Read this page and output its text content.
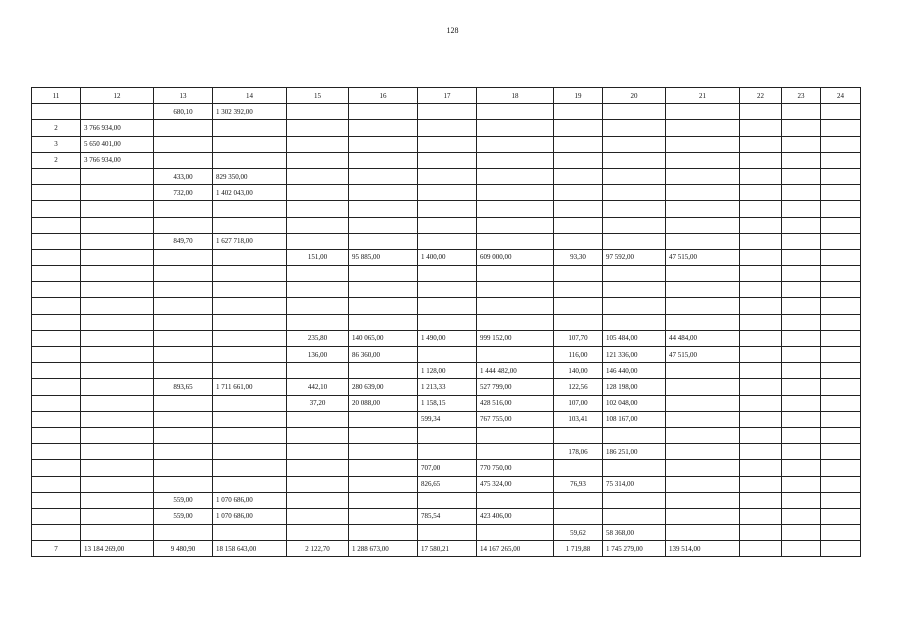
128
11	12	13	14	15	16	17	18	19	20	21	22	23	24
		680,10	1 302 392,00										
2	3 766 934,00												
3	5 650 401,00												
2	3 766 934,00												
		433,00	829 350,00										
		732,00	1 402 043,00										

		849,70	1 627 718,00										
				151,00	95 885,00	1 400,00	609 000,00	93,30	97 592,00	47 515,00			

				235,80	140 065,00	1 490,00	999 152,00	107,70	105 484,00	44 484,00			
				136,00	86 360,00			116,00	121 336,00	47 515,00			
						1 128,00	1 444 482,00	140,00	146 440,00				
		893,65	1 711 661,00	442,10	280 639,00	1 213,33	527 799,00	122,56	128 198,00				
				37,20	20 088,00	1 158,15	428 516,00	107,00	102 048,00				
						599,34	767 755,00	103,41	108 167,00				

								178,06	186 251,00				
						707,00	770 750,00						
						826,65	475 324,00	76,93	75 314,00				
		559,00	1 070 686,00										
		559,00	1 070 686,00			785,54	423 406,00						
								59,62	58 368,00				
7	13 184 269,00	9 480,90	18 158 643,00	2 122,70	1 288 673,00	17 580,21	14 167 265,00	1 719,88	1 745 279,00	139 514,00			
